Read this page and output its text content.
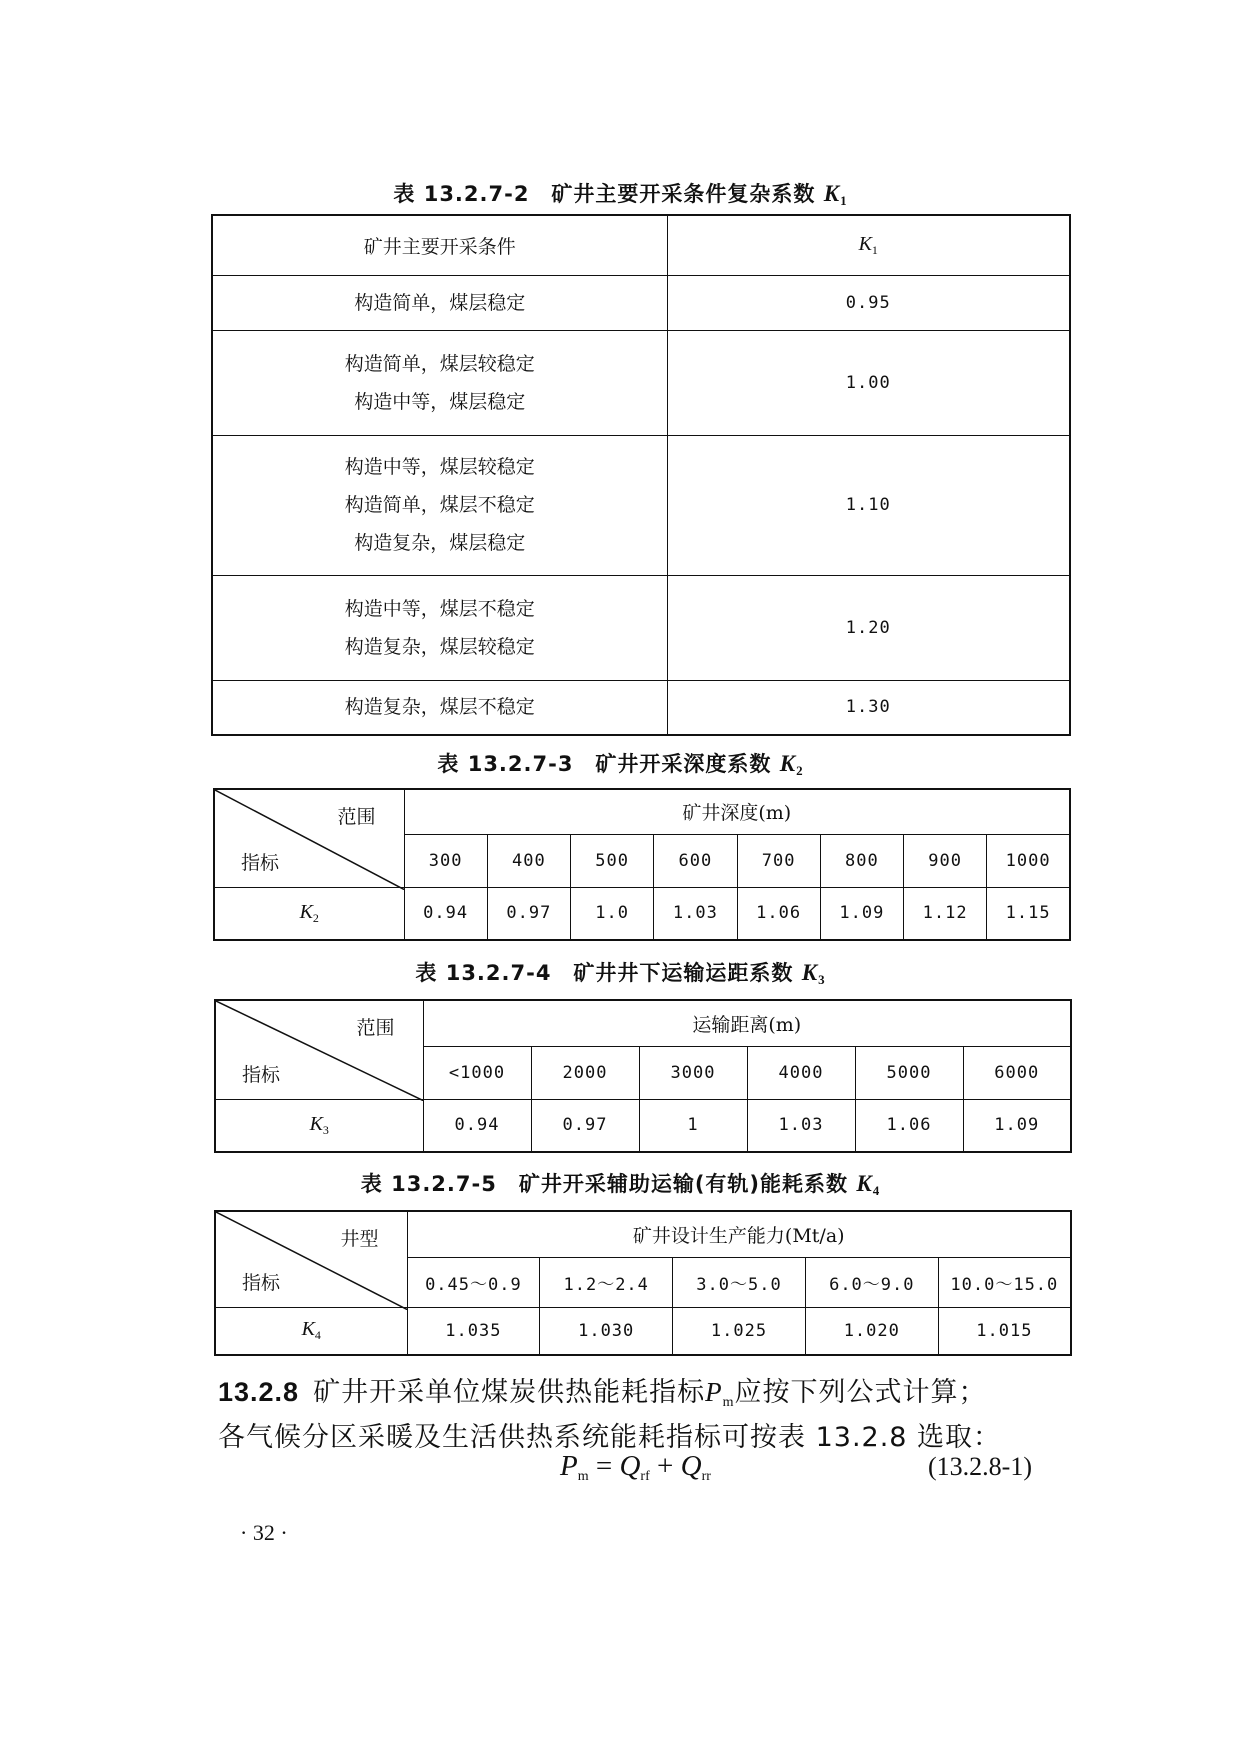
表 13.2.7-2　矿井主要开采条件复杂系数 $K_1$
矿井主要开采条件	$K_1$

构造简单，煤层稳定	0.95

构造简单，煤层较稳定
构造中等，煤层稳定	1.00

构造中等，煤层较稳定
构造简单，煤层不稳定
构造复杂，煤层稳定	1.10

构造中等，煤层不稳定
构造复杂，煤层较稳定	1.20

构造复杂，煤层不稳定	1.30
表 13.2.7-3　矿井开采深度系数 $K_2$
范围
指标	矿井深度(m)							
	300	400	500	600	700	800	900	1000
$K_2$	0.94	0.97	1.0	1.03	1.06	1.09	1.12	1.15
表 13.2.7-4　矿井井下运输运距系数 $K_3$
范围
指标	运输距离(m)					
	<1000	2000	3000	4000	5000	6000
$K_3$	0.94	0.97	1	1.03	1.06	1.09
表 13.2.7-5　矿井开采辅助运输(有轨)能耗系数 $K_4$
井型
指标	矿井设计生产能力(Mt/a)				
	0.45～0.9	1.2～2.4	3.0～5.0	6.0～9.0	10.0～15.0
$K_4$	1.035	1.030	1.025	1.020	1.015
13.2.8 矿井开采单位煤炭供热能耗指标Pm应按下列公式计算；
各气候分区采暖及生活供热系统能耗指标可按表 13.2.8 选取：
Pm = Qrf + Qrr	(13.2.8-1)
· 32 ·
